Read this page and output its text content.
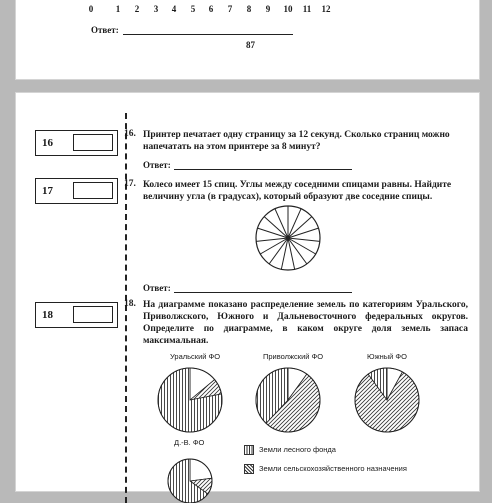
0	1 2 3 4 5 6 7 8 9 10 11 12
Ответ:
87
16
16. Принтер печатает одну страницу за 12 секунд. Сколько страниц можно напечатать на этом принтере за 8 минут?

Ответ:
17
17. Колесо имеет 15 спиц. Углы между соседними спицами равны. Найдите величину угла (в градусах), который образуют две соседние спицы.

Ответ:
18
18. На диаграмме показано распределение земель по категориям Уральского, Приволжского, Южного и Дальневосточного федеральных округов. Определите по диаграмме, в каком округе доля земель запаса максимальная.

Уральский ФО	Приволжский ФО	Южный ФО
Д.-В. ФО
Земли лесного фонда
Земли сельскохозяйственного назначения
